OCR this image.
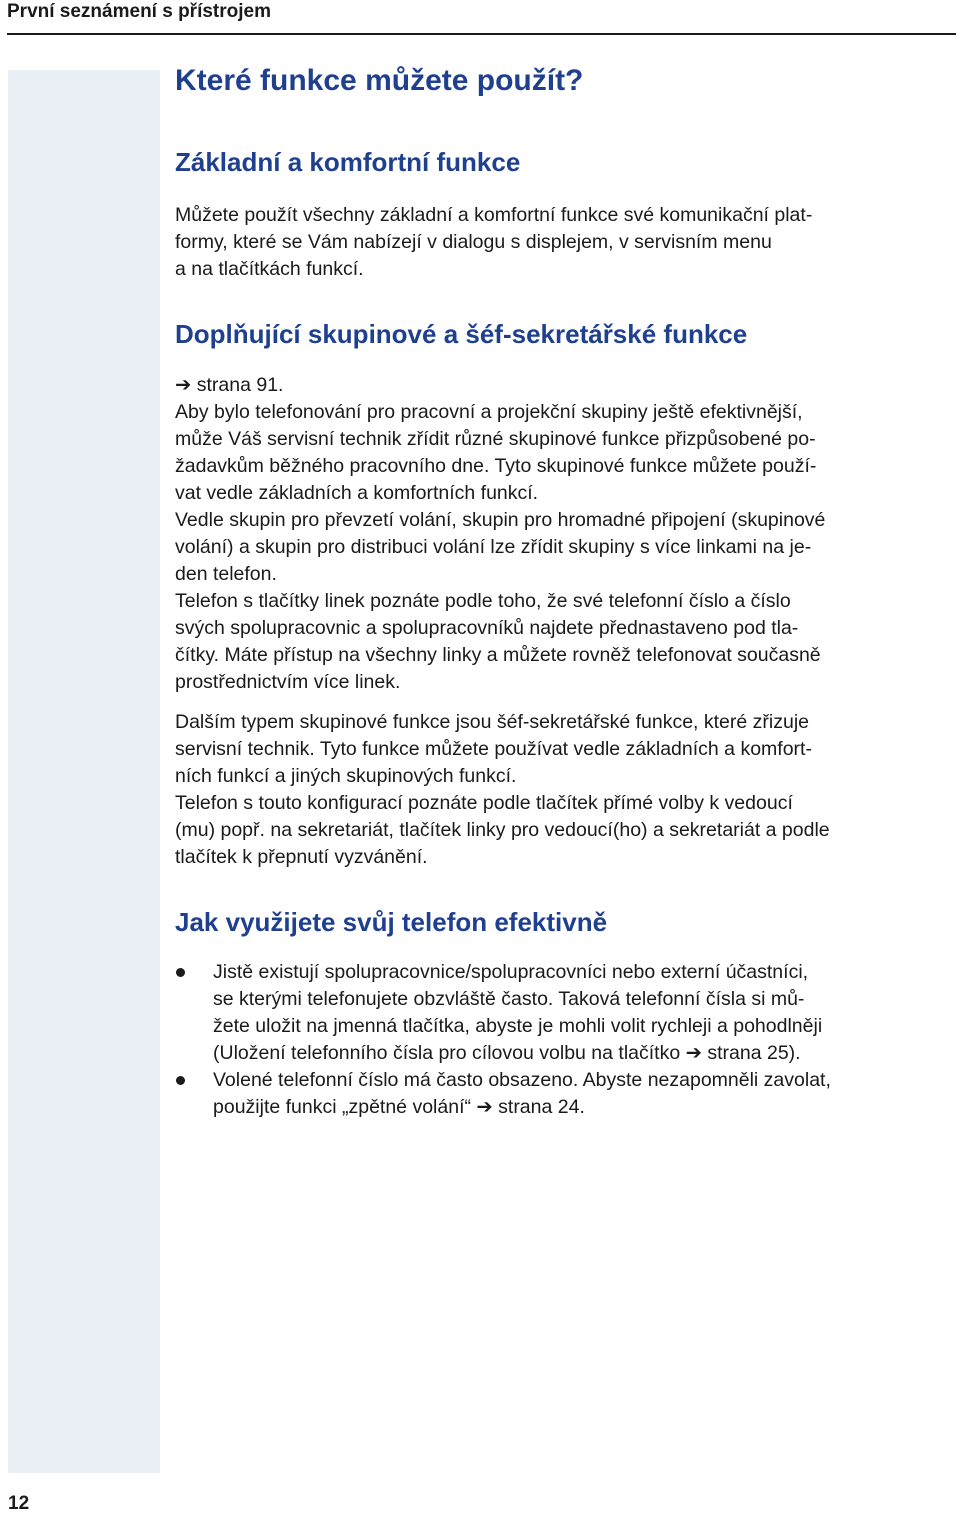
První seznámení s přístrojem
12
Které funkce můžete použít?
Základní a komfortní funkce
Můžete použít všechny základní a komfortní funkce své komunikační plat-
formy, které se Vám nabízejí v dialogu s displejem, v servisním menu
a na tlačítkách funkcí.
Doplňující skupinové a šéf-sekretářské funkce
➔ strana 91.
Aby bylo telefonování pro pracovní a projekční skupiny ještě efektivnější,
může Váš servisní technik zřídit různé skupinové funkce přizpůsobené po-
žadavkům běžného pracovního dne. Tyto skupinové funkce můžete použí-
vat vedle základních a komfortních funkcí.
Vedle skupin pro převzetí volání, skupin pro hromadné připojení (skupinové
volání) a skupin pro distribuci volání lze zřídit skupiny s více linkami na je-
den telefon.
Telefon s tlačítky linek poznáte podle toho, že své telefonní číslo a číslo
svých spolupracovnic a spolupracovníků najdete přednastaveno pod tla-
čítky. Máte přístup na všechny linky a můžete rovněž telefonovat současně
prostřednictvím více linek.
Dalším typem skupinové funkce jsou šéf-sekretářské funkce, které zřizuje
servisní technik. Tyto funkce můžete používat vedle základních a komfort-
ních funkcí a jiných skupinových funkcí.
Telefon s touto konfigurací poznáte podle tlačítek přímé volby k vedoucí
(mu) popř. na sekretariát, tlačítek linky pro vedoucí(ho) a sekretariát a podle
tlačítek k přepnutí vyzvánění.
Jak využijete svůj telefon efektivně
Jistě existují spolupracovnice/spolupracovníci nebo externí účastníci,
se kterými telefonujete obzvláště často. Taková telefonní čísla si mů-
žete uložit na jmenná tlačítka, abyste je mohli volit rychleji a pohodlněji
(Uložení telefonního čísla pro cílovou volbu na tlačítko ➔ strana 25).
Volené telefonní číslo má často obsazeno. Abyste nezapomněli zavolat,
použijte funkci „zpětné volání“ ➔ strana 24.
